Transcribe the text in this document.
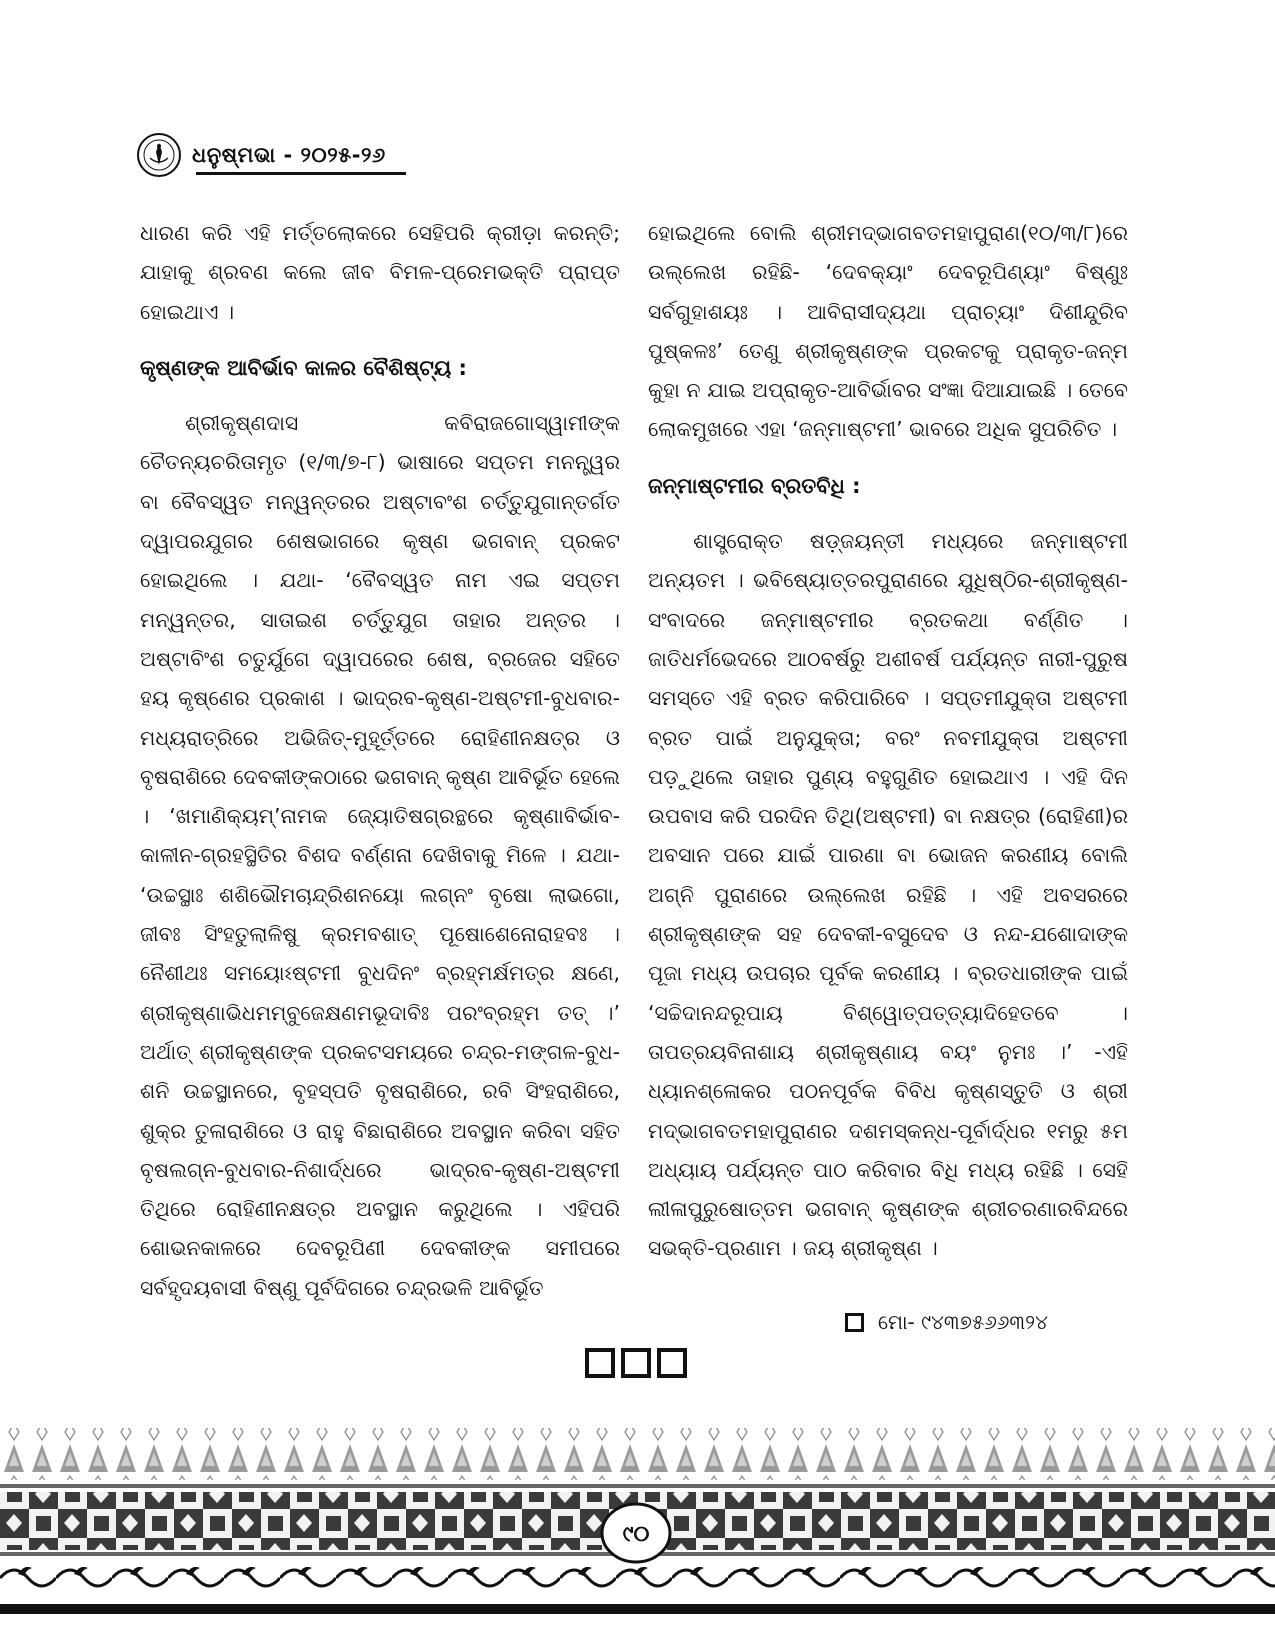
ଧନୁଷ୍ମଭା - ୨୦୨୫-୨୬

ଧାରଣ କରି ଏହି ମର୍ତ୍ତଲୋକରେ ସେହିପରି କ୍ରୀଡ଼ା କରନ୍ତି; ଯାହାକୁ ଶ୍ରବଣ କଲେ ଜୀବ ବିମଳ-ପ୍ରେମଭକ୍ତି ପ୍ରାପ୍ତ ହୋଇଥାଏ ।

କୃଷ୍ଣଙ୍କ ଆବିର୍ଭାବ କାଳର ବୈଶିଷ୍ଟ୍ୟ :

ଶ୍ରୀକୃଷ୍ଣଦାସ କବିରାଜଗୋସ୍ୱାମୀଙ୍କ ଚୈତନ୍ୟଚରିତାମୃତ (୧/୩/୭-୮) ଭାଷାରେ ସପ୍ତମ ମନନ୍ତ୍ୱର ବା ବୈବସ୍ୱତ ମନ୍ୱନ୍ତରର ଅଷ୍ଟାବଂଶ ଚର୍ତ୍ତୁଯୁଗାନ୍ତର୍ଗତ ଦ୍ୱାପରଯୁଗର ଶେଷଭାଗରେ କୃଷ୍ଣ ଭଗବାନ୍ ପ୍ରକଟ ହୋଇଥିଲେ । ଯଥା- ‘ବୈବସ୍ୱତ ନାମ ଏଇ ସପ୍ତମ ମନ୍ୱନ୍ତର, ସାତାଇଶ ଚର୍ତ୍ତୁଯୁଗ ତାହାର ଅନ୍ତର । ଅଷ୍ଟାବିଂଶ ଚତୁର୍ଯୁଗେ ଦ୍ୱାପରେର ଶେଷ, ବ୍ରଜେର ସହିତେ ହୟ କୃଷ୍ଣେର ପ୍ରକାଶ । ଭାଦ୍ରବ-କୃଷ୍ଣ-ଅଷ୍ଟମୀ-ବୁଧବାର-ମଧ୍ୟରାତ୍ରିରେ ଅଭିଜିତ୍-ମୁହୂର୍ତ୍ତରେ ରୋହିଣୀନକ୍ଷତ୍ର ଓ ବୃଷରାଶିରେ ଦେବକୀଙ୍କଠାରେ ଭଗବାନ୍ କୃଷ୍ଣ ଆବିର୍ଭୂତ ହେଲେ । ‘ଖମାଣିକ୍ୟମ୍’ନାମକ ଜ୍ୟୋତିଷଗ୍ରନ୍ଥରେ କୃଷ୍ଣାବିର୍ଭାବ-କାଳୀନ-ଗ୍ରହସ୍ଥିତିର ବିଶଦ ବର୍ଣ୍ଣନା ଦେଖିବାକୁ ମିଳେ । ଯଥା- ‘ଉଚ୍ଚସ୍ଥାଃ ଶଶିଭୌମଚାନ୍ଦ୍ରିଶନୟୋ ଲଗ୍ନଂ ବୃଷୋ ଲାଭଗୋ, ଜୀବଃ ସିଂହତୁଲାଳିଷୁ କ୍ରମବଶାତ୍ ପୂଷୋଶେନୋରାହବଃ । ନୈଶୀଥଃ ସମୟୋଽଷ୍ଟମୀ ବୁଧଦିନଂ ବ୍ରହ୍ମର୍କ୍ଷମତ୍ର କ୍ଷଣେ, ଶ୍ରୀକୃଷ୍ଣାଭିଧମମ୍ବୁଜେକ୍ଷଣମଭୂଦାବିଃ ପରଂବ୍ରହ୍ମ ତତ୍ ।’ ଅର୍ଥାତ୍ ଶ୍ରୀକୃଷ୍ଣଙ୍କ ପ୍ରକଟସମୟରେ ଚନ୍ଦ୍ର-ମଙ୍ଗଳ-ବୁଧ-ଶନି ଉଚ୍ଚସ୍ଥାନରେ, ବୃହସ୍ପତି ବୃଷରାଶିରେ, ରବି ସିଂହରାଶିରେ, ଶୁକ୍ର ତୁଳାରାଶିରେ ଓ ରାହୁ ବିଛାରାଶିରେ ଅବସ୍ଥାନ କରିବା ସହିତ ବୃଷଲଗ୍ନ-ବୁଧବାର-ନିଶାର୍ଦ୍ଧରେ ଭାଦ୍ରବ-କୃଷ୍ଣ-ଅଷ୍ଟମୀ ତିଥିରେ ରୋହିଣୀନକ୍ଷତ୍ର ଅବସ୍ଥାନ କରୁଥିଲେ । ଏହିପରି ଶୋଭନକାଳରେ ଦେବରୂପିଣୀ ଦେବକୀଙ୍କ ସମୀପରେ ସର୍ବହୃଦୟବାସୀ ବିଷ୍ଣୁ ପୂର୍ବଦିଗରେ ଚନ୍ଦ୍ରଭଳି ଆବିର୍ଭୂତ

ହୋଇଥିଲେ ବୋଲି ଶ୍ରୀମଦ୍ଭାଗବତମହାପୁରାଣ(୧୦/୩/୮)ରେ ଉଲ୍ଲେଖ ରହିଛି- ‘ଦେବକ୍ୟାଂ ଦେବରୂପିଣ୍ୟାଂ ବିଷ୍ଣୁଃ ସର୍ବଗୁହାଶୟଃ । ଆବିରାସୀଦ୍ୟଥା ପ୍ରାଚ୍ୟାଂ ଦିଶୀନ୍ଦୁରିବ ପୁଷ୍କଳଃ’ ତେଣୁ ଶ୍ରୀକୃଷ୍ଣଙ୍କ ପ୍ରକଟକୁ ପ୍ରାକୃତ-ଜନ୍ମ କୁହା ନ ଯାଇ ଅପ୍ରାକୃତ-ଆବିର୍ଭାବର ସଂଜ୍ଞା ଦିଆଯାଇଛି । ତେବେ ଲୋକମୁଖରେ ଏହା ‘ଜନ୍ମାଷ୍ଟମୀ’ ଭାବରେ ଅଧିକ ସୁପରିଚିତ ।

ଜନ୍ମାଷ୍ଟମୀର ବ୍ରତବିଧି :

ଶାସ୍ତ୍ରୋକ୍ତ ଷଡ଼୍ଜୟନ୍ତୀ ମଧ୍ୟରେ ଜନ୍ମାଷ୍ଟମୀ ଅନ୍ୟତମ । ଭବିଷ୍ୟୋତ୍ତରପୁରାଣରେ ଯୁଧିଷ୍ଠିର-ଶ୍ରୀକୃଷ୍ଣ-ସଂବାଦରେ ଜନ୍ମାଷ୍ଟମୀର ବ୍ରତକଥା ବର୍ଣ୍ଣିତ । ଜାତିଧର୍ମଭେଦରେ ଆଠବର୍ଷରୁ ଅଶୀବର୍ଷ ପର୍ଯ୍ୟନ୍ତ ନାରୀ-ପୁରୁଷ ସମସ୍ତେ ଏହି ବ୍ରତ କରିପାରିବେ । ସପ୍ତମୀଯୁକ୍ତା ଅଷ୍ଟମୀ ବ୍ରତ ପାଇଁ ଅନୁଯୁକ୍ତା; ବରଂ ନବମୀଯୁକ୍ତା ଅଷ୍ଟମୀ ପଡ଼ୁଥିଲେ ତାହାର ପୁଣ୍ୟ ବହୁଗୁଣିତ ହୋଇଥାଏ । ଏହି ଦିନ ଉପବାସ କରି ପରଦିନ ତିଥି(ଅଷ୍ଟମୀ) ବା ନକ୍ଷତ୍ର (ରୋହିଣୀ)ର ଅବସାନ ପରେ ଯାଇଁ ପାରଣା ବା ଭୋଜନ କରଣୀୟ ବୋଲି ଅଗ୍ନି ପୁରାଣରେ ଉଲ୍ଲେଖ ରହିଛି । ଏହି ଅବସରରେ ଶ୍ରୀକୃଷ୍ଣଙ୍କ ସହ ଦେବକୀ-ବସୁଦେବ ଓ ନନ୍ଦ-ଯଶୋଦାଙ୍କ ପୂଜା ମଧ୍ୟ ଉପଚାର ପୂର୍ବକ କରଣୀୟ । ବ୍ରତଧାରୀଙ୍କ ପାଇଁ ‘ସଚ୍ଚିଦାନନ୍ଦରୂପାୟ ବିଶ୍ୱୋତ୍ପତ୍ତ୍ୟାଦିହେତବେ । ତାପତ୍ରୟବିନାଶାୟ ଶ୍ରୀକୃଷ୍ଣାୟ ବୟଂ ନୁମଃ ।’ -ଏହି ଧ୍ୟାନଶ୍ଳୋକର ପଠନପୂର୍ବକ ବିବିଧ କୃଷ୍ଣସ୍ତୁତି ଓ ଶ୍ରୀ ମଦ୍ଭାଗବତମହାପୁରାଣର ଦଶମସ୍କନ୍ଧ-ପୂର୍ବାର୍ଦ୍ଧର ୧ମରୁ ୫ମ ଅଧ୍ୟାୟ ପର୍ଯ୍ୟନ୍ତ ପାଠ କରିବାର ବିଧି ମଧ୍ୟ ରହିଛି । ସେହି ଲୀଳାପୁରୁଷୋତ୍ତମ ଭଗବାନ୍ କୃଷ୍ଣଙ୍କ ଶ୍ରୀଚରଣାରବିନ୍ଦରେ ସଭକ୍ତି-ପ୍ରଣାମ । ଜୟ ଶ୍ରୀକୃଷ୍ଣ ।

ମୋ- ୯୪୩୭୫୬୬୩୨୪
୯୦
